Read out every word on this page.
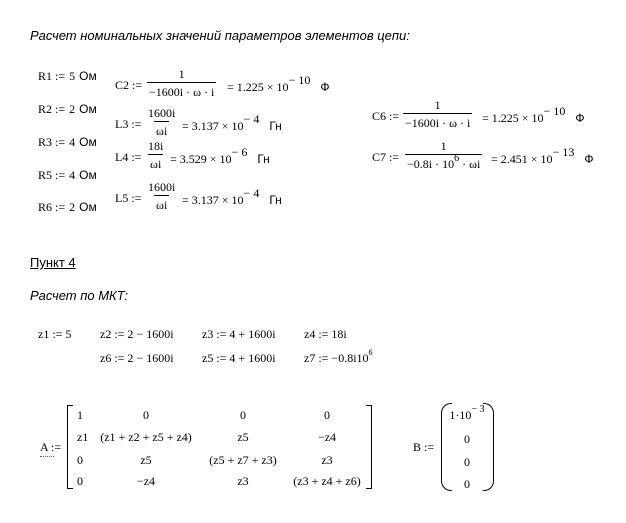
Расчет номинальных значений параметров элементов цепи:
R1 := 5 Ом
R2 := 2 Ом
R3 := 4 Ом
R5 := 4 Ом
R6 := 2 Ом
C2 := $\frac{1}{-1600i \cdot \omega \cdot i} = 1.225 \times 10^{- 10}$ Ф
L3 := $\frac{1600i}{\omega i} = 3.137 \times 10^{- 4}$ Гн
L4 := $\frac{18i}{\omega i} = 3.529 \times 10^{- 6}$ Гн
L5 := $\frac{1600i}{\omega i} = 3.137 \times 10^{- 4}$ Гн
C6 := $\frac{1}{-1600i \cdot \omega \cdot i} = 1.225 \times 10^{- 10}$ Ф
C7 := $\frac{1}{-0.8i \cdot 10^6 \cdot \omega i} = 2.451 \times 10^{- 13}$ Ф
Пункт 4
Расчет по МКТ:
z1 := 5 z2 := 2 − 1600i z3 := 4 + 1600i z4 := 18i
z6 := 2 − 1600i z5 := 4 + 1600i z7 := $-0.8i10^6$
A :=
1	0	0	0
z1 (z1 + z2 + z5 + z4)	z5	−z4
0	z5	(z5 + z7 + z3)	z3
0	−z4	z3	(z3 + z4 + z6)
B :=
$1\cdot 10^{- 3}$
0
0
0
